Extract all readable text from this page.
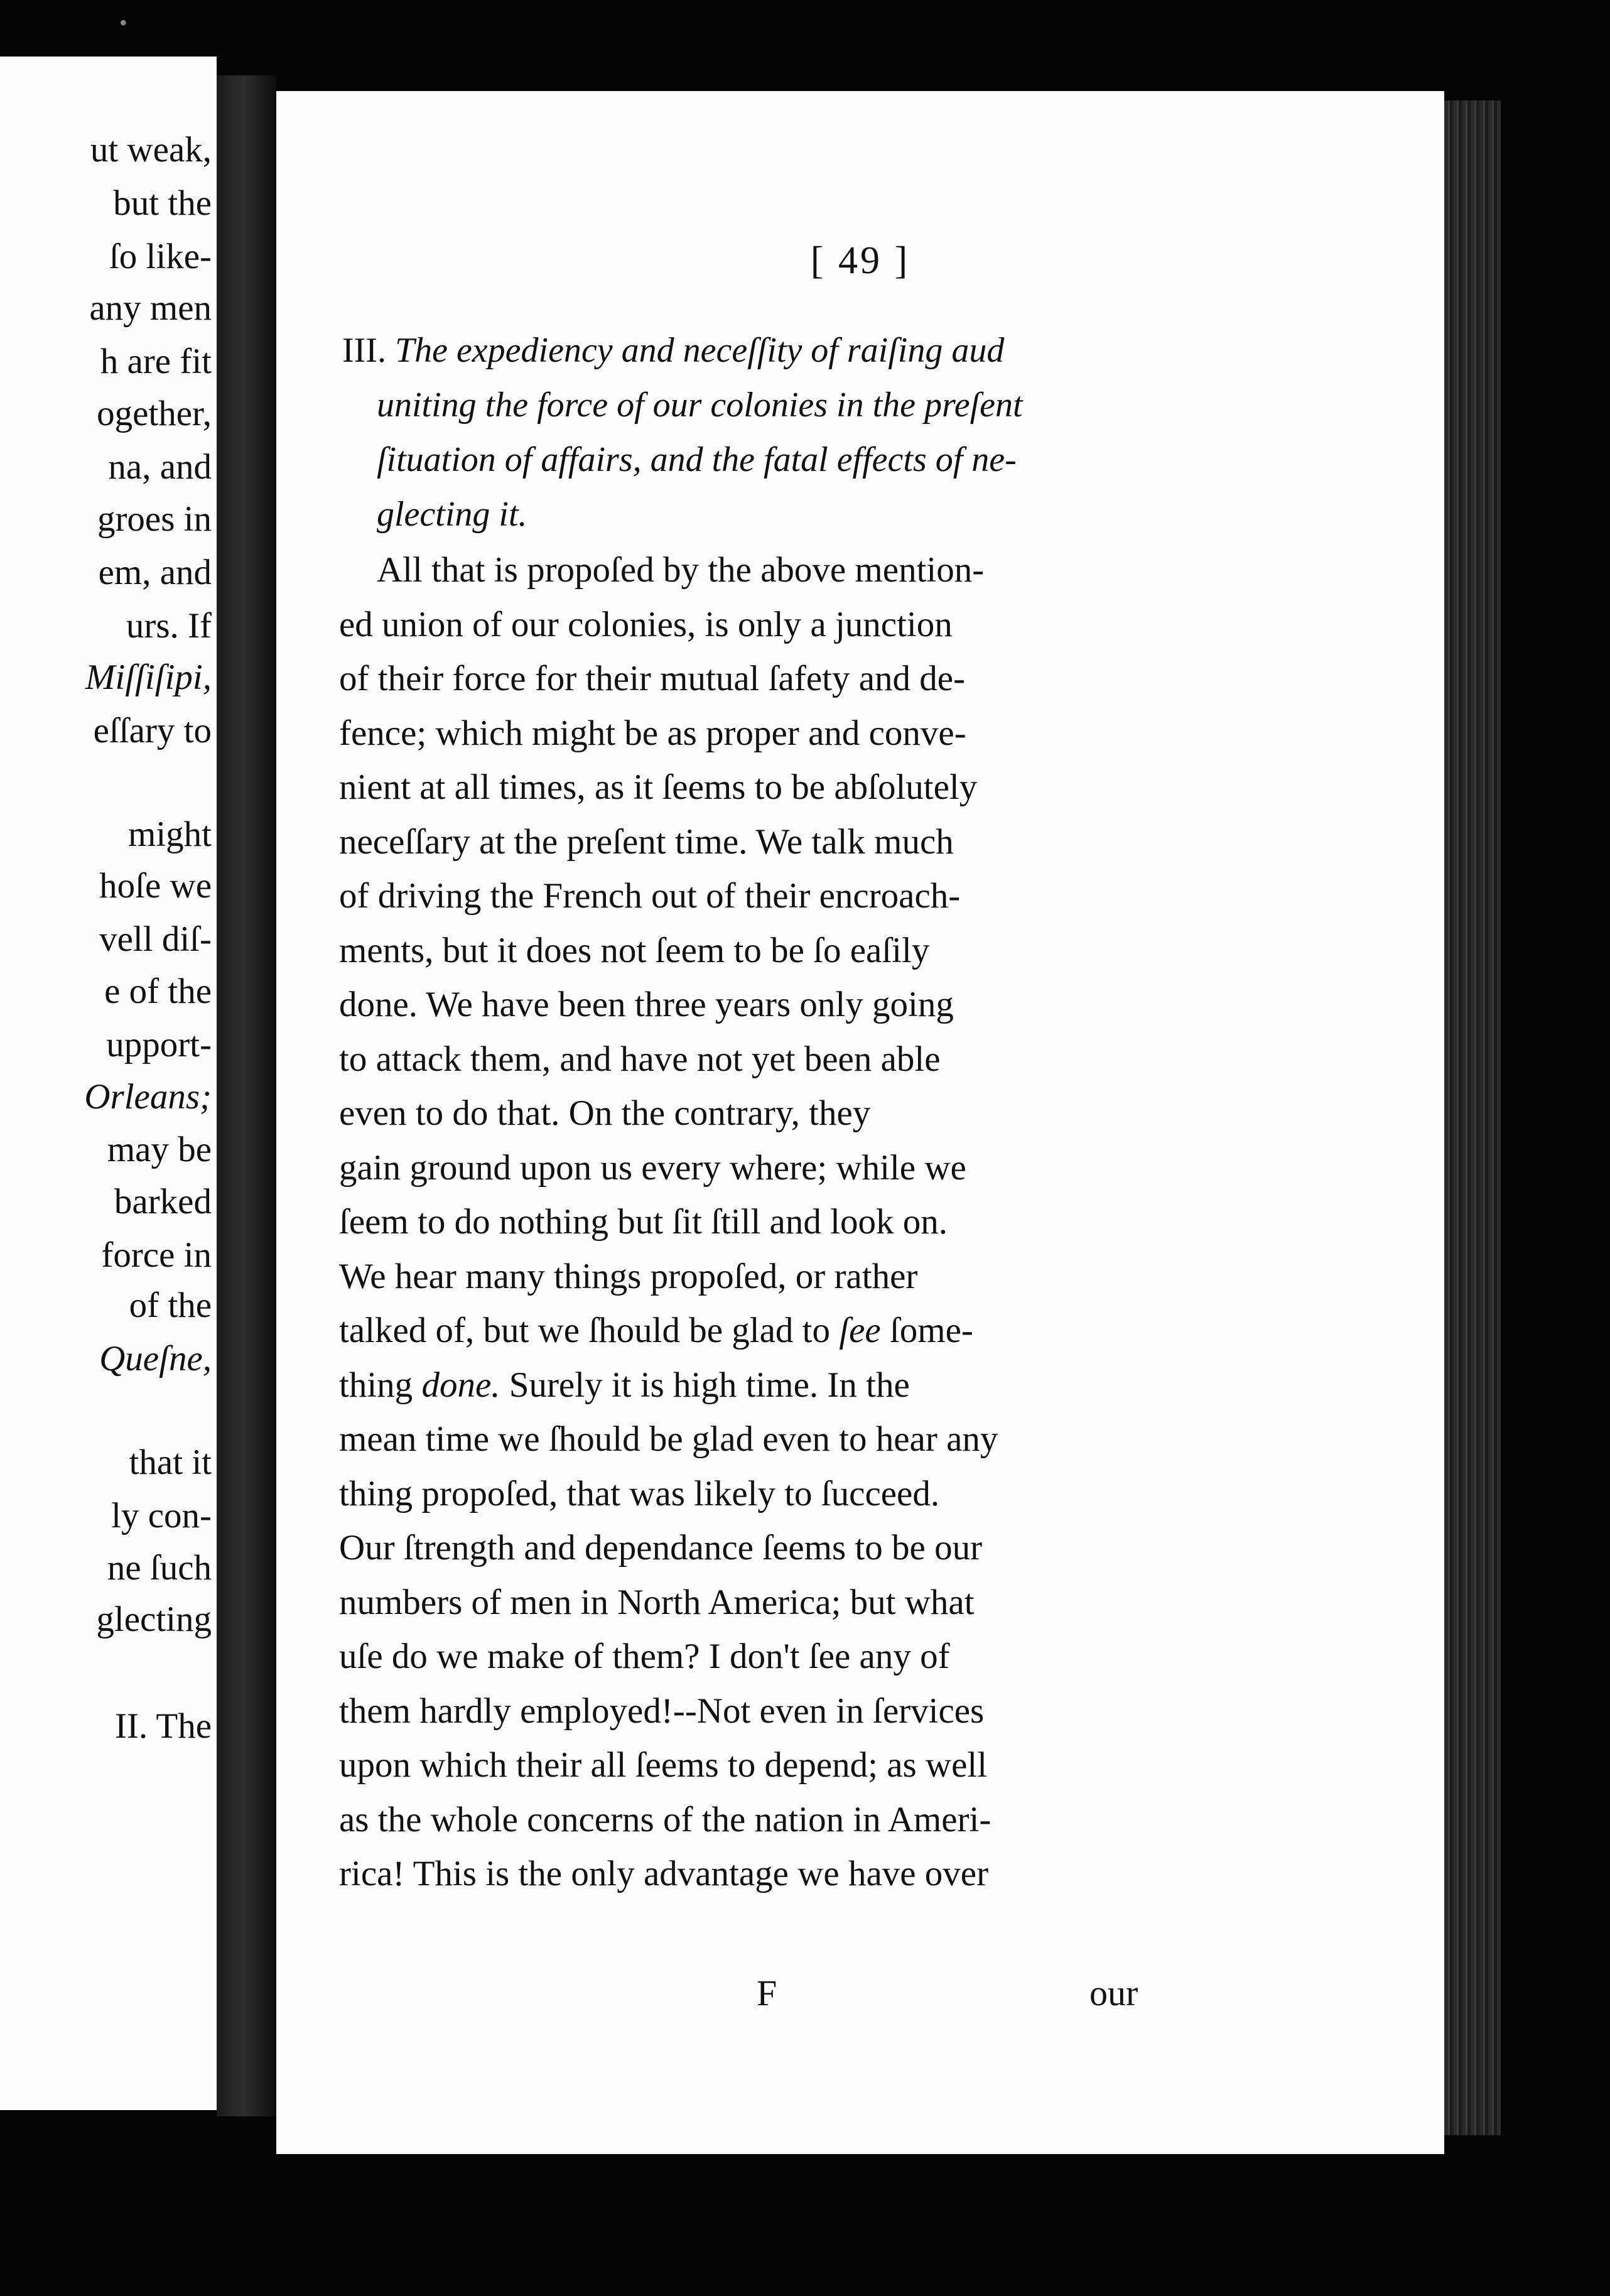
•
ut weak,
but the
ſo like-
any men
h are fit
ogether,
na, and
groes in
em, and
urs. If
Miſſiſipi,
eſſary to
might
hoſe we
vell diſ-
e of the
upport-
Orleans;
may be
barked
force in
of the
Queſne,
that it
ly con-
ne ſuch
glecting
II. The
[ 49 ]
III. The expediency and neceſſity of raiſing aud
uniting the force of our colonies in the preſent
ſituation of affairs, and the fatal effects of ne-
glecting it.
All that is propoſed by the above mention-
ed union of our colonies, is only a junction
of their force for their mutual ſafety and de-
fence; which might be as proper and conve-
nient at all times, as it ſeems to be abſolutely
neceſſary at the preſent time. We talk much
of driving the French out of their encroach-
ments, but it does not ſeem to be ſo eaſily
done. We have been three years only going
to attack them, and have not yet been able
even to do that. On the contrary, they
gain ground upon us every where; while we
ſeem to do nothing but ſit ſtill and look on.
We hear many things propoſed, or rather
talked of, but we ſhould be glad to ſee ſome-
thing done. Surely it is high time. In the
mean time we ſhould be glad even to hear any
thing propoſed, that was likely to ſucceed.
Our ſtrength and dependance ſeems to be our
numbers of men in North America; but what
uſe do we make of them? I don't ſee any of
them hardly employed!--Not even in ſervices
upon which their all ſeems to depend; as well
as the whole concerns of the nation in Ameri-
rica! This is the only advantage we have over
F	our
